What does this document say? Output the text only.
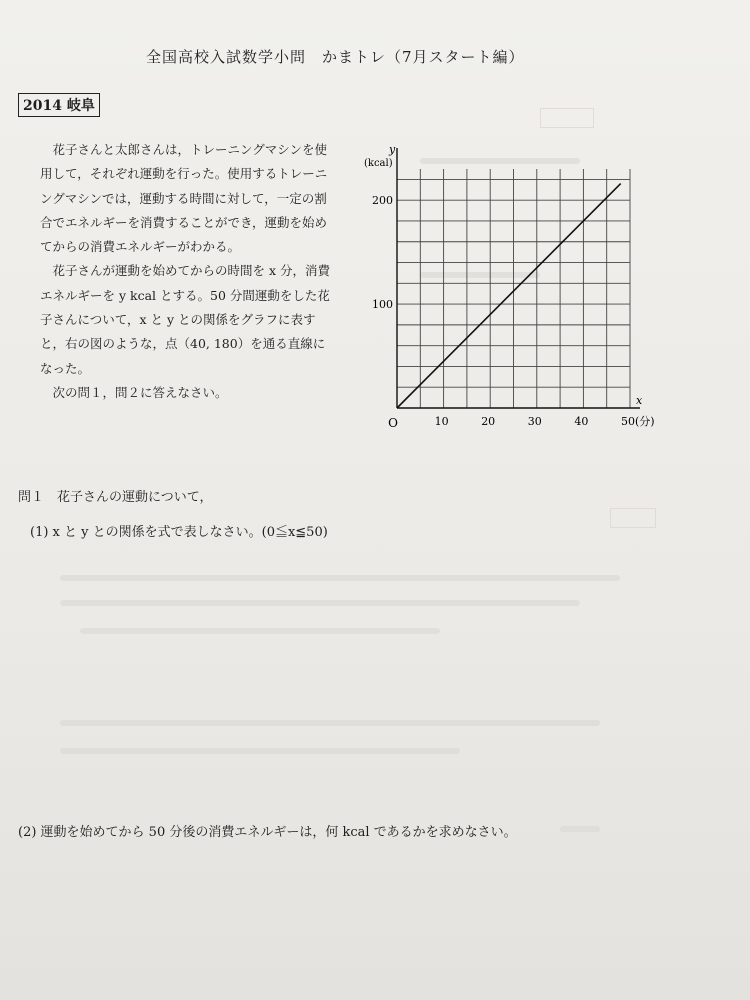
全国高校入試数学小問　かまトレ（7月スタート編）
2014 岐阜

花子さんと太郎さんは，トレーニングマシンを使用して，それぞれ運動を行った。使用するトレーニングマシンでは，運動する時間に対して，一定の割合でエネルギーを消費することができ，運動を始めてからの消費エネルギーがわかる。

花子さんが運動を始めてからの時間を x 分，消費エネルギーを y kcal とする。50 分間運動をした花子さんについて，x と y との関係をグラフに表すと，右の図のような，点（40, 180）を通る直線になった。

次の問１，問２に答えなさい。

O	10	20	30	40	50(分)
100
200
x
y
(kcal)
問１　花子さんの運動について，
(1) x と y との関係を式で表しなさい。(0≦x≦50)
(2) 運動を始めてから 50 分後の消費エネルギーは，何 kcal であるかを求めなさい。
